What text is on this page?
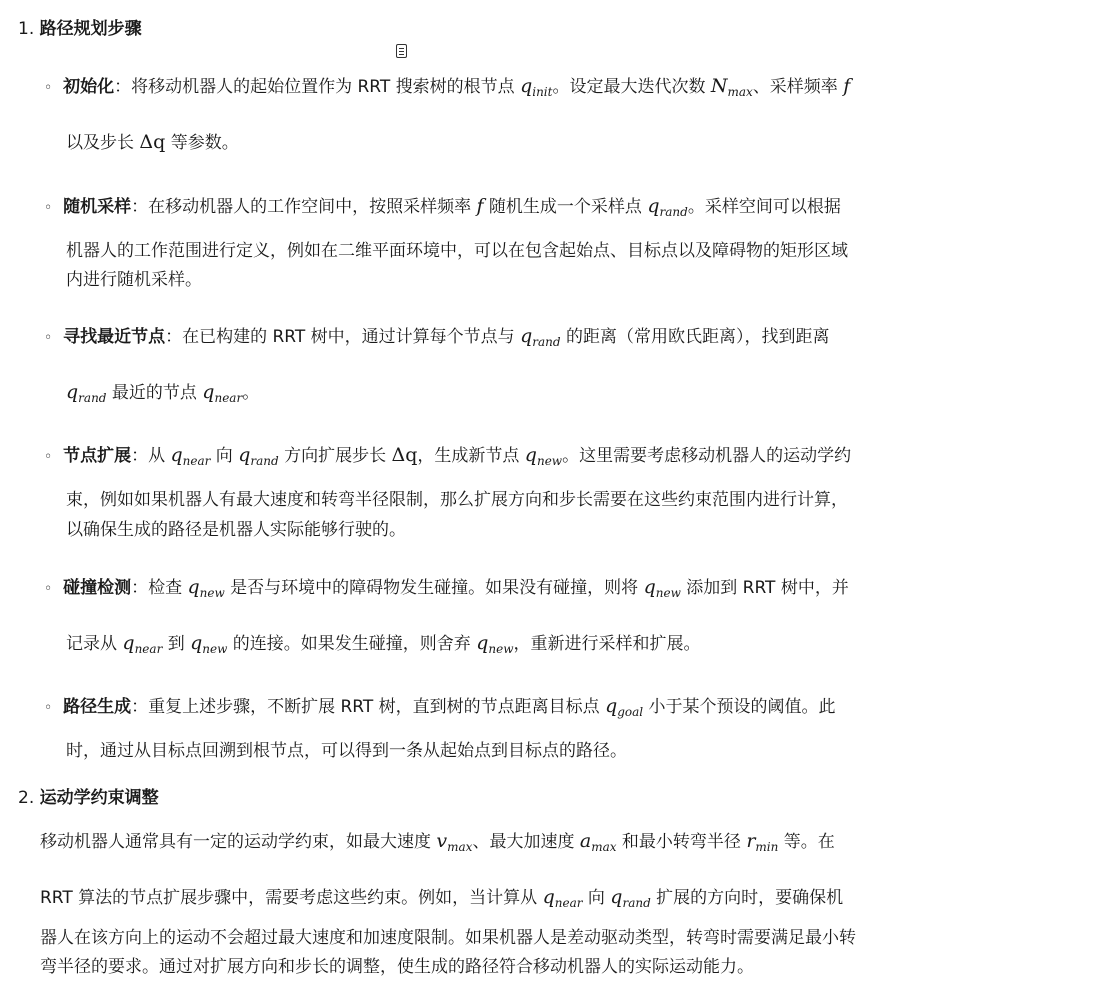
1. 路径规划步骤
◦ 初始化：将移动机器人的起始位置作为 RRT 搜索树的根节点 $q_{init}$。设定最大迭代次数 $N_{max}$、采样频率 f
以及步长 Δq 等参数。
◦ 随机采样：在移动机器人的工作空间中，按照采样频率 f 随机生成一个采样点 $q_{rand}$。采样空间可以根据
机器人的工作范围进行定义，例如在二维平面环境中，可以在包含起始点、目标点以及障碍物的矩形区域
内进行随机采样。
◦ 寻找最近节点：在已构建的 RRT 树中，通过计算每个节点与 $q_{rand}$ 的距离（常用欧氏距离），找到距离
$q_{rand}$ 最近的节点 $q_{near}$。
◦ 节点扩展：从 $q_{near}$ 向 $q_{rand}$ 方向扩展步长 Δq，生成新节点 $q_{new}$。这里需要考虑移动机器人的运动学约
束，例如如果机器人有最大速度和转弯半径限制，那么扩展方向和步长需要在这些约束范围内进行计算，
以确保生成的路径是机器人实际能够行驶的。
◦ 碰撞检测：检查 $q_{new}$ 是否与环境中的障碍物发生碰撞。如果没有碰撞，则将 $q_{new}$ 添加到 RRT 树中，并
记录从 $q_{near}$ 到 $q_{new}$ 的连接。如果发生碰撞，则舍弃 $q_{new}$，重新进行采样和扩展。
◦ 路径生成：重复上述步骤，不断扩展 RRT 树，直到树的节点距离目标点 $q_{goal}$ 小于某个预设的阈值。此
时，通过从目标点回溯到根节点，可以得到一条从起始点到目标点的路径。
2. 运动学约束调整
移动机器人通常具有一定的运动学约束，如最大速度 $v_{max}$、最大加速度 $a_{max}$ 和最小转弯半径 $r_{min}$ 等。在
RRT 算法的节点扩展步骤中，需要考虑这些约束。例如，当计算从 $q_{near}$ 向 $q_{rand}$ 扩展的方向时，要确保机
器人在该方向上的运动不会超过最大速度和加速度限制。如果机器人是差动驱动类型，转弯时需要满足最小转
弯半径的要求。通过对扩展方向和步长的调整，使生成的路径符合移动机器人的实际运动能力。
